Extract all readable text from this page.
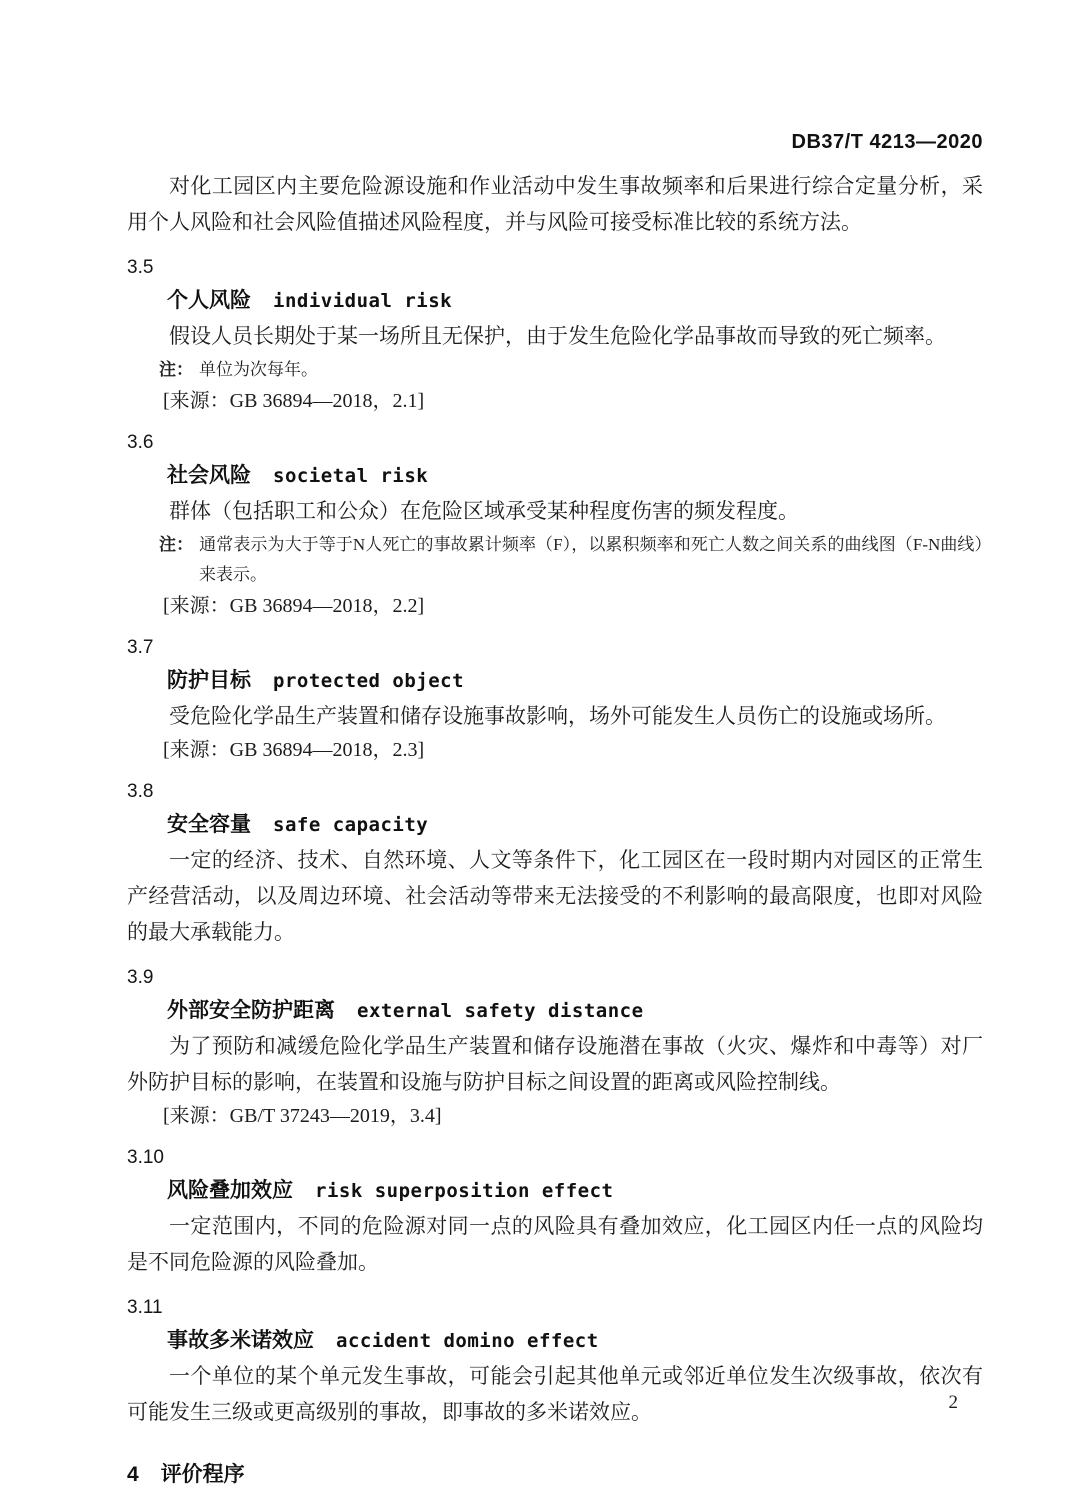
DB37/T 4213—2020

对化工园区内主要危险源设施和作业活动中发生事故频率和后果进行综合定量分析，采用个人风险和社会风险值描述风险程度，并与风险可接受标准比较的系统方法。

3.5
个人风险 individual risk

假设人员长期处于某一场所且无保护，由于发生危险化学品事故而导致的死亡频率。

注： 单位为次每年。

[来源：GB 36894—2018，2.1]

3.6
社会风险 societal risk

群体（包括职工和公众）在危险区域承受某种程度伤害的频发程度。

注： 通常表示为大于等于N人死亡的事故累计频率（F），以累积频率和死亡人数之间关系的曲线图（F-N曲线）来表示。

[来源：GB 36894—2018，2.2]

3.7
防护目标 protected object

受危险化学品生产装置和储存设施事故影响，场外可能发生人员伤亡的设施或场所。

[来源：GB 36894—2018，2.3]

3.8
安全容量 safe capacity

一定的经济、技术、自然环境、人文等条件下，化工园区在一段时期内对园区的正常生产经营活动，以及周边环境、社会活动等带来无法接受的不利影响的最高限度，也即对风险的最大承载能力。

3.9
外部安全防护距离 external safety distance

为了预防和减缓危险化学品生产装置和储存设施潜在事故（火灾、爆炸和中毒等）对厂外防护目标的影响，在装置和设施与防护目标之间设置的距离或风险控制线。

[来源：GB/T 37243—2019，3.4]

3.10
风险叠加效应 risk superposition effect

一定范围内，不同的危险源对同一点的风险具有叠加效应，化工园区内任一点的风险均是不同危险源的风险叠加。

3.11
事故多米诺效应 accident domino effect

一个单位的某个单元发生事故，可能会引起其他单元或邻近单位发生次级事故，依次有可能发生三级或更高级别的事故，即事故的多米诺效应。

4 评价程序
2
